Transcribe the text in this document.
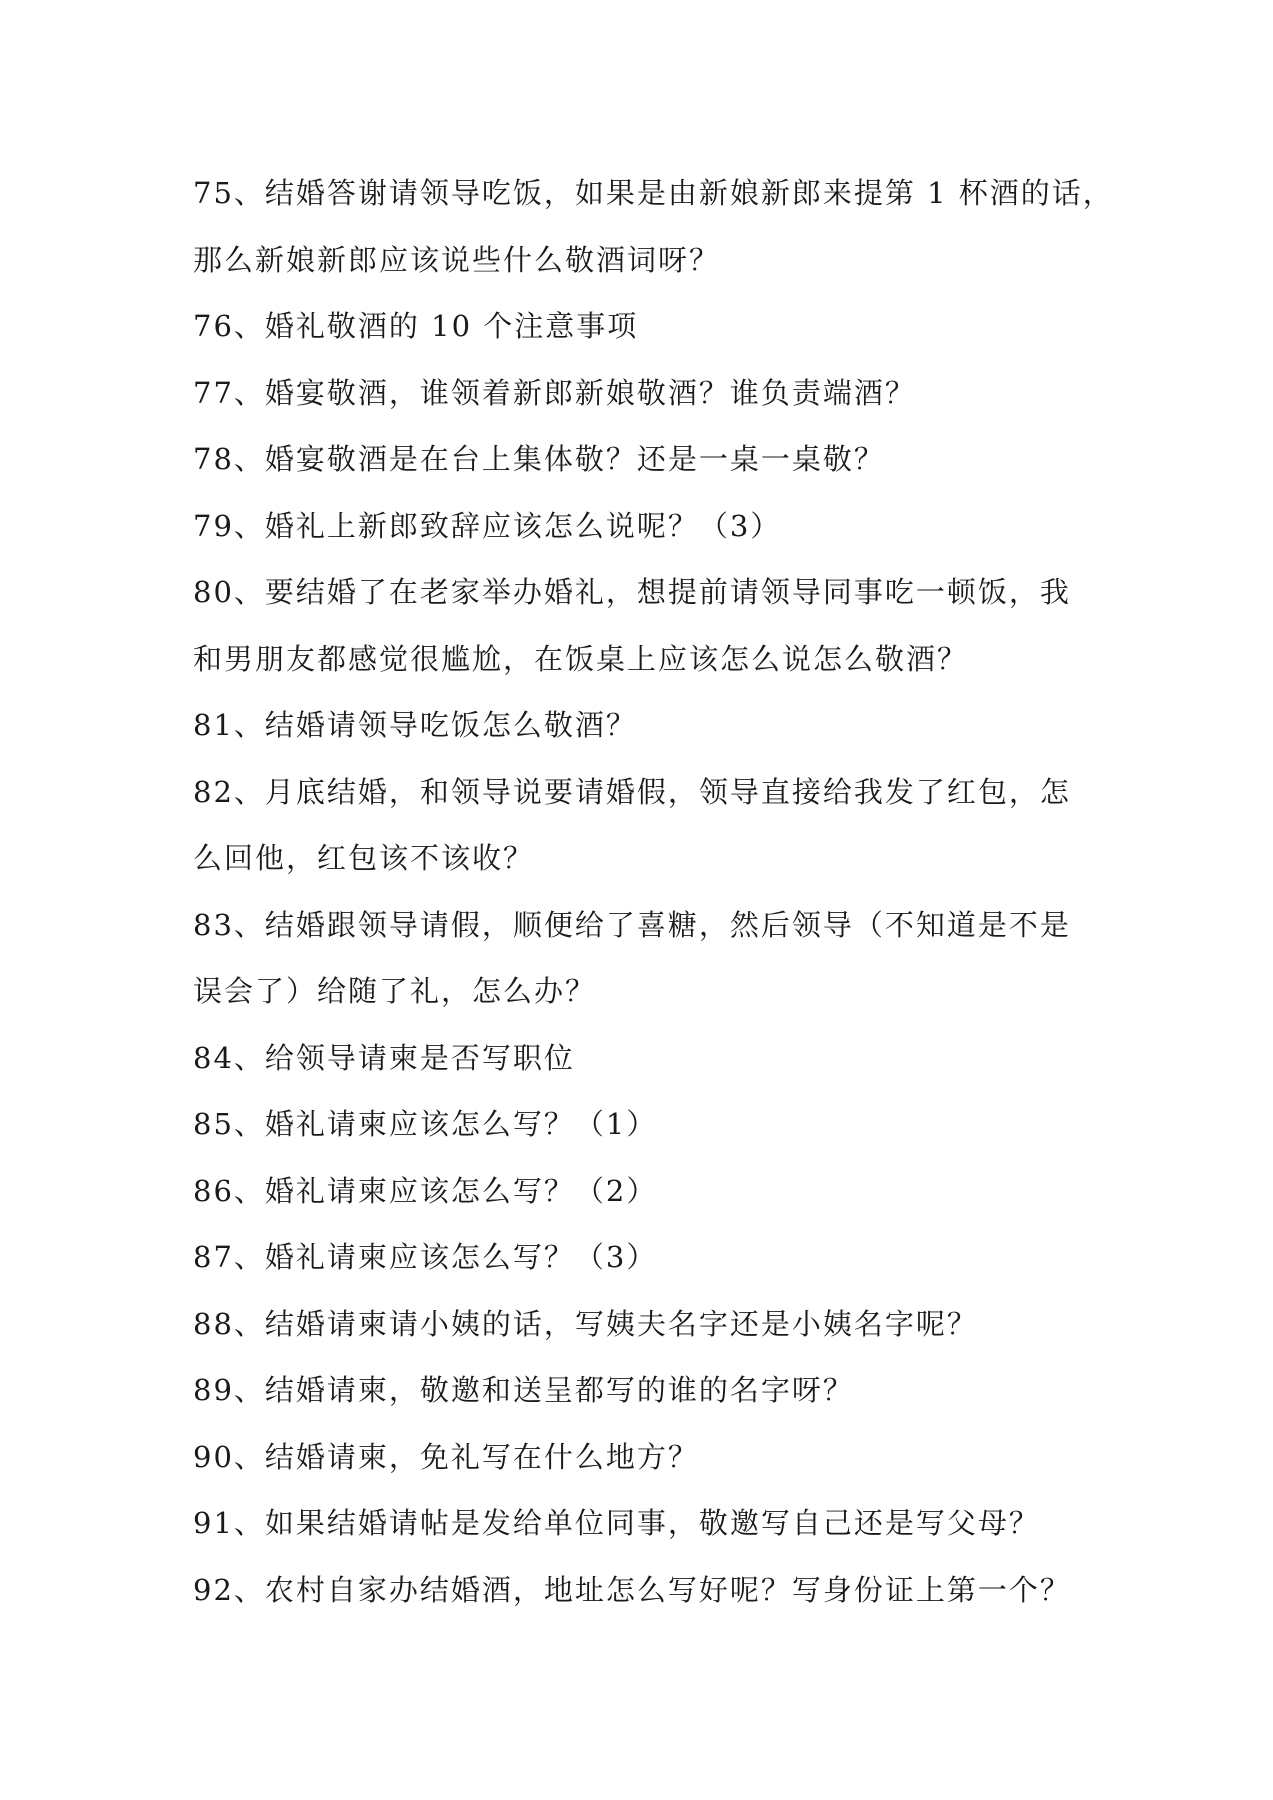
75、结婚答谢请领导吃饭，如果是由新娘新郎来提第 1 杯酒的话，
那么新娘新郎应该说些什么敬酒词呀？
76、婚礼敬酒的 10 个注意事项
77、婚宴敬酒，谁领着新郎新娘敬酒？谁负责端酒？
78、婚宴敬酒是在台上集体敬？还是一桌一桌敬？
79、婚礼上新郎致辞应该怎么说呢？（3）
80、要结婚了在老家举办婚礼，想提前请领导同事吃一顿饭，我
和男朋友都感觉很尴尬，在饭桌上应该怎么说怎么敬酒？
81、结婚请领导吃饭怎么敬酒？
82、月底结婚，和领导说要请婚假，领导直接给我发了红包，怎
么回他，红包该不该收？
83、结婚跟领导请假，顺便给了喜糖，然后领导（不知道是不是
误会了）给随了礼，怎么办？
84、给领导请柬是否写职位
85、婚礼请柬应该怎么写？（1）
86、婚礼请柬应该怎么写？（2）
87、婚礼请柬应该怎么写？（3）
88、结婚请柬请小姨的话，写姨夫名字还是小姨名字呢？
89、结婚请柬，敬邀和送呈都写的谁的名字呀？
90、结婚请柬，免礼写在什么地方？
91、如果结婚请帖是发给单位同事，敬邀写自己还是写父母？
92、农村自家办结婚酒，地址怎么写好呢？写身份证上第一个？
